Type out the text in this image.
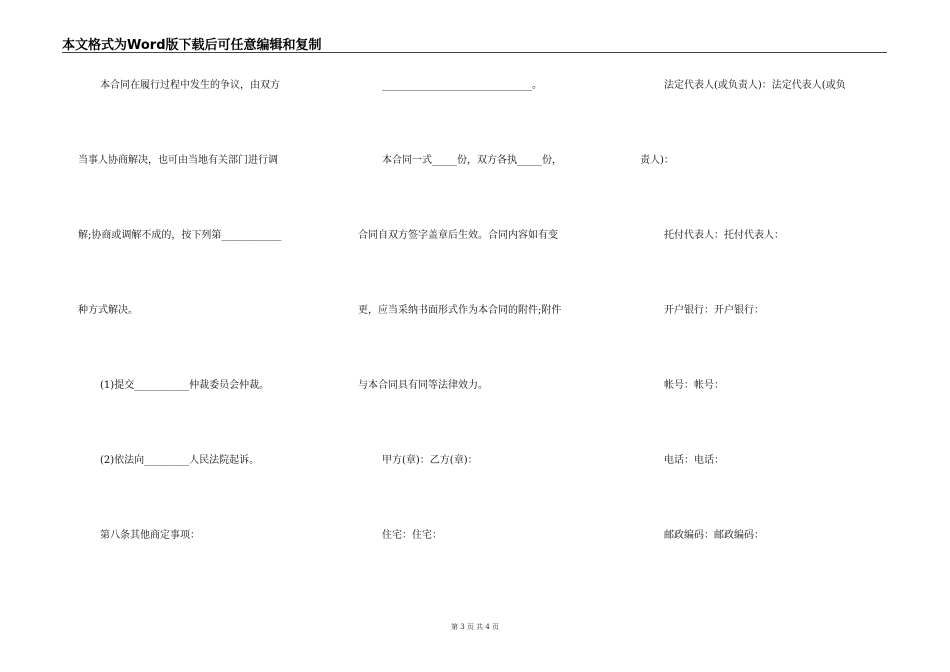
本文格式为Word版下载后可任意编辑和复制
本合同在履行过程中发生的争议，由双方
当事人协商解决，也可由当地有关部门进行调
解;协商或调解不成的，按下列第____________
种方式解决。
(1)提交___________仲裁委员会仲裁。
(2)依法向_________人民法院起诉。
第八条其他商定事项：
______________________________。
本合同一式_____份，双方各执_____份，
合同自双方签字盖章后生效。合同内容如有变
更，应当采纳书面形式作为本合同的附件;附件
与本合同具有同等法律效力。
甲方(章)：乙方(章)：
住宅：住宅：
法定代表人(或负责人)：法定代表人(或负
责人)：
托付代表人：托付代表人：
开户银行：开户银行：
帐号：帐号：
电话：电话：
邮政编码：邮政编码：
第 3 页 共 4 页
